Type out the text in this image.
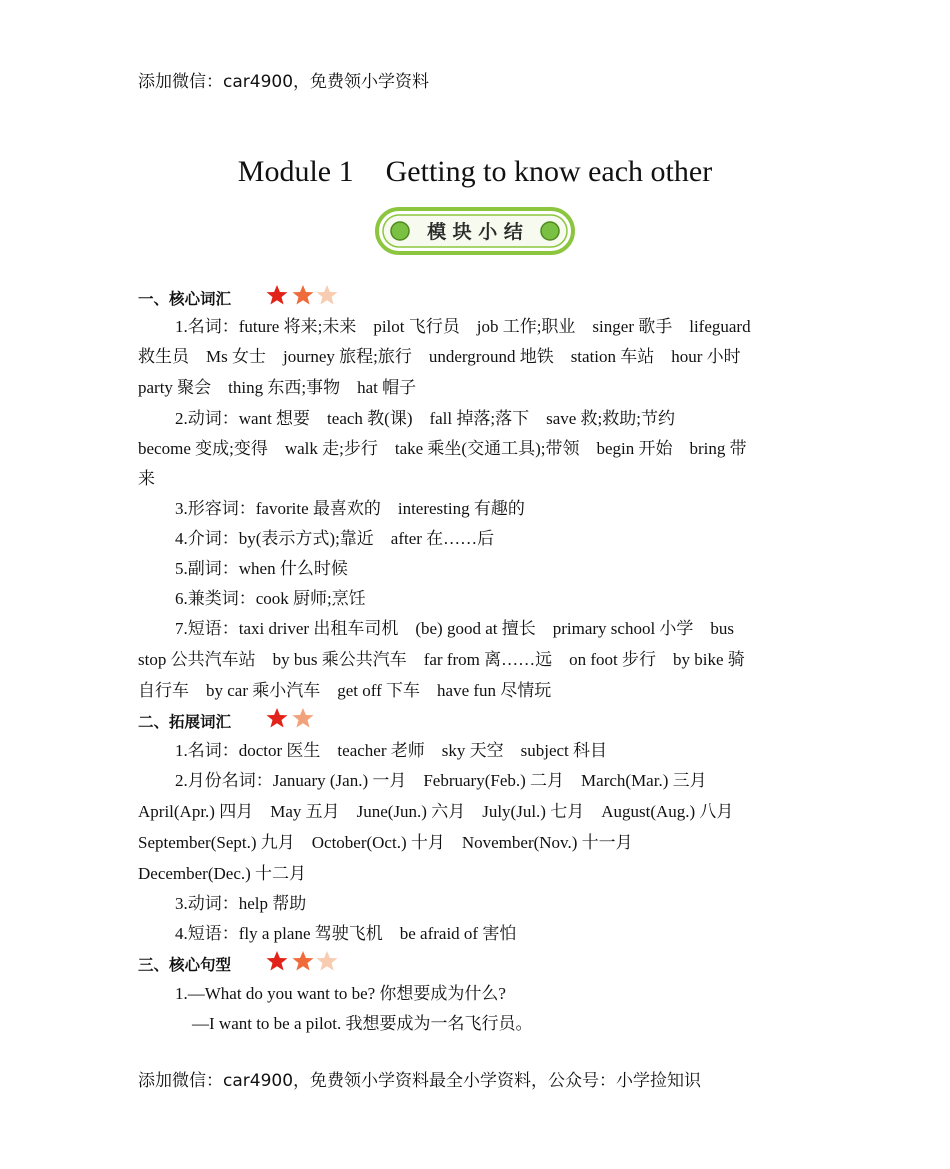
添加微信：car4900，免费领小学资料
Module 1 Getting to know each other
模 块 小 结
一、核心词汇
1.名词：future 将来;未来　pilot 飞行员　job 工作;职业　singer 歌手　lifeguard
救生员　Ms 女士　journey 旅程;旅行　underground 地铁　station 车站　hour 小时
party 聚会　thing 东西;事物　hat 帽子
2.动词：want 想要　teach 教(课)　fall 掉落;落下　save 救;救助;节约
become 变成;变得　walk 走;步行　take 乘坐(交通工具);带领　begin 开始　bring 带
来
3.形容词：favorite 最喜欢的　interesting 有趣的
4.介词：by(表示方式);靠近　after 在……后
5.副词：when 什么时候
6.兼类词：cook 厨师;烹饪
7.短语：taxi driver 出租车司机　(be) good at 擅长　primary school 小学　bus
stop 公共汽车站　by bus 乘公共汽车　far from 离……远　on foot 步行　by bike 骑
自行车　by car 乘小汽车　get off 下车　have fun 尽情玩
二、拓展词汇
1.名词：doctor 医生　teacher 老师　sky 天空　subject 科目
2.月份名词：January (Jan.) 一月　February(Feb.) 二月　March(Mar.) 三月
April(Apr.) 四月　May 五月　June(Jun.) 六月　July(Jul.) 七月　August(Aug.) 八月
September(Sept.) 九月　October(Oct.) 十月　November(Nov.) 十一月
December(Dec.) 十二月
3.动词：help 帮助
4.短语：fly a plane 驾驶飞机　be afraid of 害怕
三、核心句型
1.—What do you want to be? 你想要成为什么?
—I want to be a pilot. 我想要成为一名飞行员。
添加微信：car4900，免费领小学资料最全小学资料，公众号：小学捡知识
